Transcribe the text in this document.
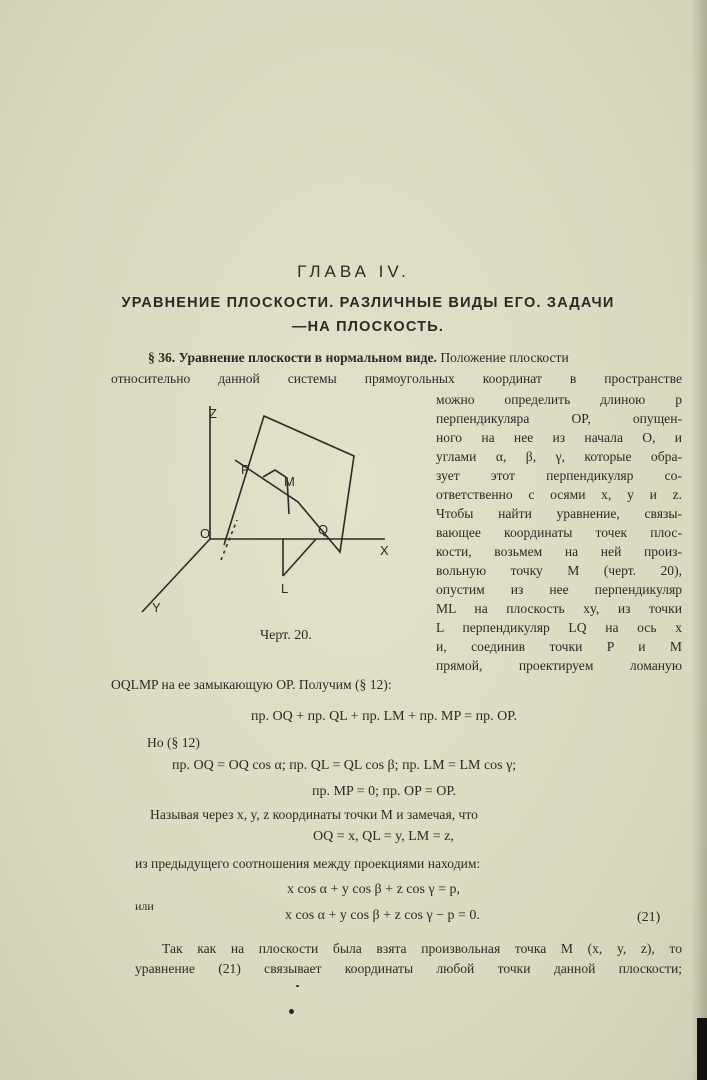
ГЛАВА IV.
УРАВНЕНИЕ ПЛОСКОСТИ. РАЗЛИЧНЫЕ ВИДЫ ЕГО. ЗАДАЧИ
—НА ПЛОСКОСТЬ.
§ 36. Уравнение плоскости в нормальном виде. Положение плоскости
относительно данной системы прямоугольных координат в пространстве
можно определить длиною p
перпендикуляра OP, опущен-
ного на нее из начала O, и
углами α, β, γ, которые обра-
зует этот перпендикуляр со-
ответственно с осями x, y и z.
Чтобы найти уравнение, связы-
вающее координаты точек плос-
кости, возьмем на ней произ-
вольную точку M (черт. 20),
опустим из нее перпендикуляр
ML на плоскость xy, из точки
L перпендикуляр LQ на ось x
и, соединив точки P и M
прямой, проектируем ломаную
OQLMP на ее замыкающую OP. Получим (§ 12):
Z
P
M
O	Q
X
L
Y
Черт. 20.
пр. OQ + пр. QL + пр. LM + пр. MP = пр. OP.
Но (§ 12)
пр. OQ = OQ cos α; пр. QL = QL cos β; пр. LM = LM cos γ;
пр. MP = 0; пр. OP = OP.
Называя через x, y, z координаты точки M и замечая, что
OQ = x, QL = y, LM = z,
из предыдущего соотношения между проекциями находим:
x cos α + y cos β + z cos γ = p,
или
x cos α + y cos β + z cos γ − p = 0.	(21)
Так как на плоскости была взята произвольная точка M (x, y, z), то
уравнение (21) связывает координаты любой точки данной плоскости;
